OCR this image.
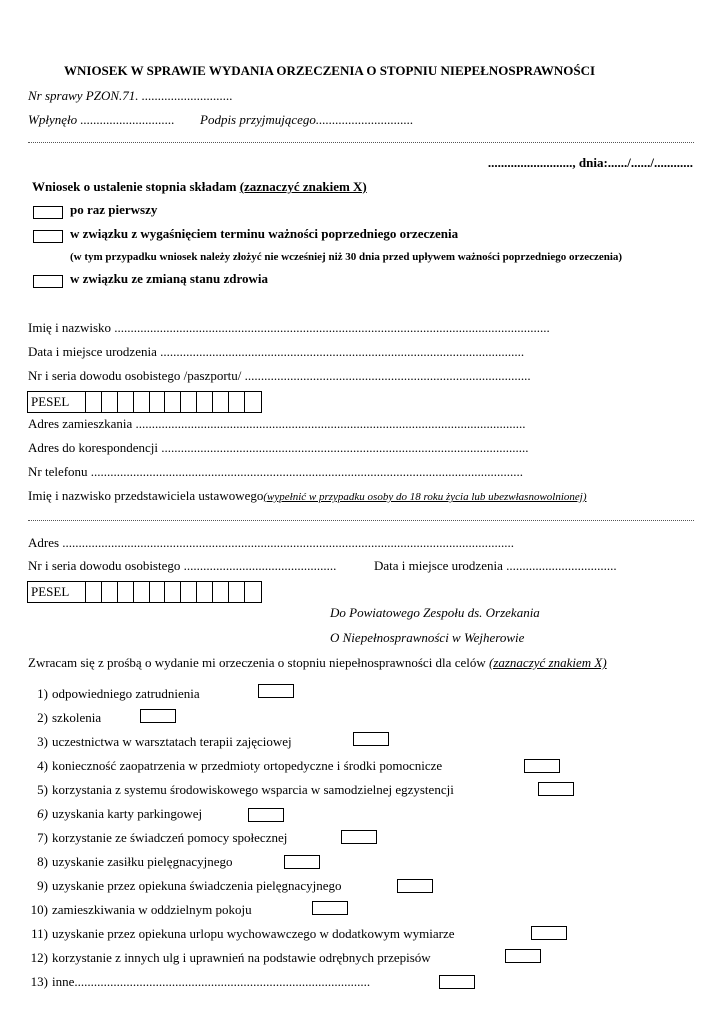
WNIOSEK W SPRAWIE WYDANIA ORZECZENIA O STOPNIU NIEPEŁNOSPRAWNOŚCI
Nr sprawy PZON.71. ............................
Wpłynęło ............................. Podpis przyjmującego..............................
.........................., dnia:....../....../............
Wniosek o ustalenie stopnia składam (zaznaczyć znakiem X)
po raz pierwszy
w związku z wygaśnięciem terminu ważności poprzedniego orzeczenia
(w tym przypadku wniosek należy złożyć nie wcześniej niż 30 dnia przed upływem ważności poprzedniego orzeczenia)
w związku ze zmianą stanu zdrowia
Imię i nazwisko ......................................................................................................................................
Data i miejsce urodzenia ................................................................................................................
Nr i seria dowodu osobistego /paszportu/ ........................................................................................
PESEL
Adres zamieszkania ........................................................................................................................
Adres do korespondencji .................................................................................................................
Nr telefonu .....................................................................................................................................
Imię i nazwisko przedstawiciela ustawowego(wypełnić w przypadku osoby do 18 roku życia lub ubezwłasnowolnionej)
Adres ...........................................................................................................................................
Nr i seria dowodu osobistego ...............................................	Data i miejsce urodzenia ..................................
PESEL
Do Powiatowego Zespołu ds. Orzekania
O Niepełnosprawności w Wejherowie
Zwracam się z prośbą o wydanie mi orzeczenia o stopniu niepełnosprawności dla celów (zaznaczyć znakiem X)
1) odpowiedniego zatrudnienia
2) szkolenia
3) uczestnictwa w warsztatach terapii zajęciowej
4) konieczność zaopatrzenia w przedmioty ortopedyczne i środki pomocnicze
5) korzystania z systemu środowiskowego wsparcia w samodzielnej egzystencji
6) uzyskania karty parkingowej
7) korzystanie ze świadczeń pomocy społecznej
8) uzyskanie zasiłku pielęgnacyjnego
9) uzyskanie przez opiekuna świadczenia pielęgnacyjnego
10) zamieszkiwania w oddzielnym pokoju
11) uzyskanie przez opiekuna urlopu wychowawczego w dodatkowym wymiarze
12) korzystanie z innych ulg i uprawnień na podstawie odrębnych przepisów
13) inne...........................................................................................
